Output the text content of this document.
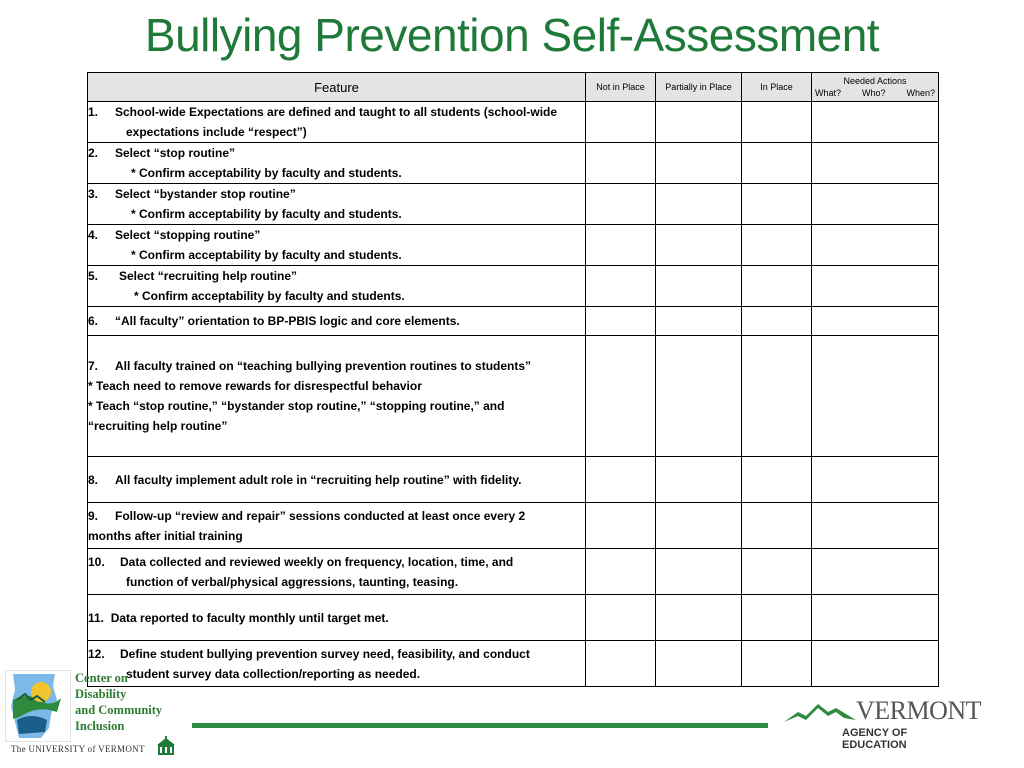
Bullying Prevention Self-Assessment
Feature	Not in Place	Partially in Place	In Place	Needed Actions
What? Who? When?

1. School-wide Expectations are defined and taught to all students (school-wide
expectations include “respect”)				

2. Select “stop routine”
* Confirm acceptability by faculty and students.				

3. Select “bystander stop routine”
* Confirm acceptability by faculty and students.				

4. Select “stopping routine”
* Confirm acceptability by faculty and students.				

5. Select “recruiting help routine”
* Confirm acceptability by faculty and students.				

6. “All faculty” orientation to BP-PBIS logic and core elements.				

7. All faculty trained on “teaching bullying prevention routines to students”
* Teach need to remove rewards for disrespectful behavior
* Teach “stop routine,” “bystander stop routine,” “stopping routine,” and
“recruiting help routine”				

8. All faculty implement adult role in “recruiting help routine” with fidelity.				

9. Follow-up “review and repair” sessions conducted at least once every 2
months after initial training				

10. Data collected and reviewed weekly on frequency, location, time, and
function of verbal/physical aggressions, taunting, teasing.				

11. Data reported to faculty monthly until target met.				

12. Define student bullying prevention survey need, feasibility, and conduct
student survey data collection/reporting as needed.				

Center on
Disability
and Community
Inclusion
The UNIVERSITY of VERMONT
VERMONT
AGENCY OF EDUCATION
